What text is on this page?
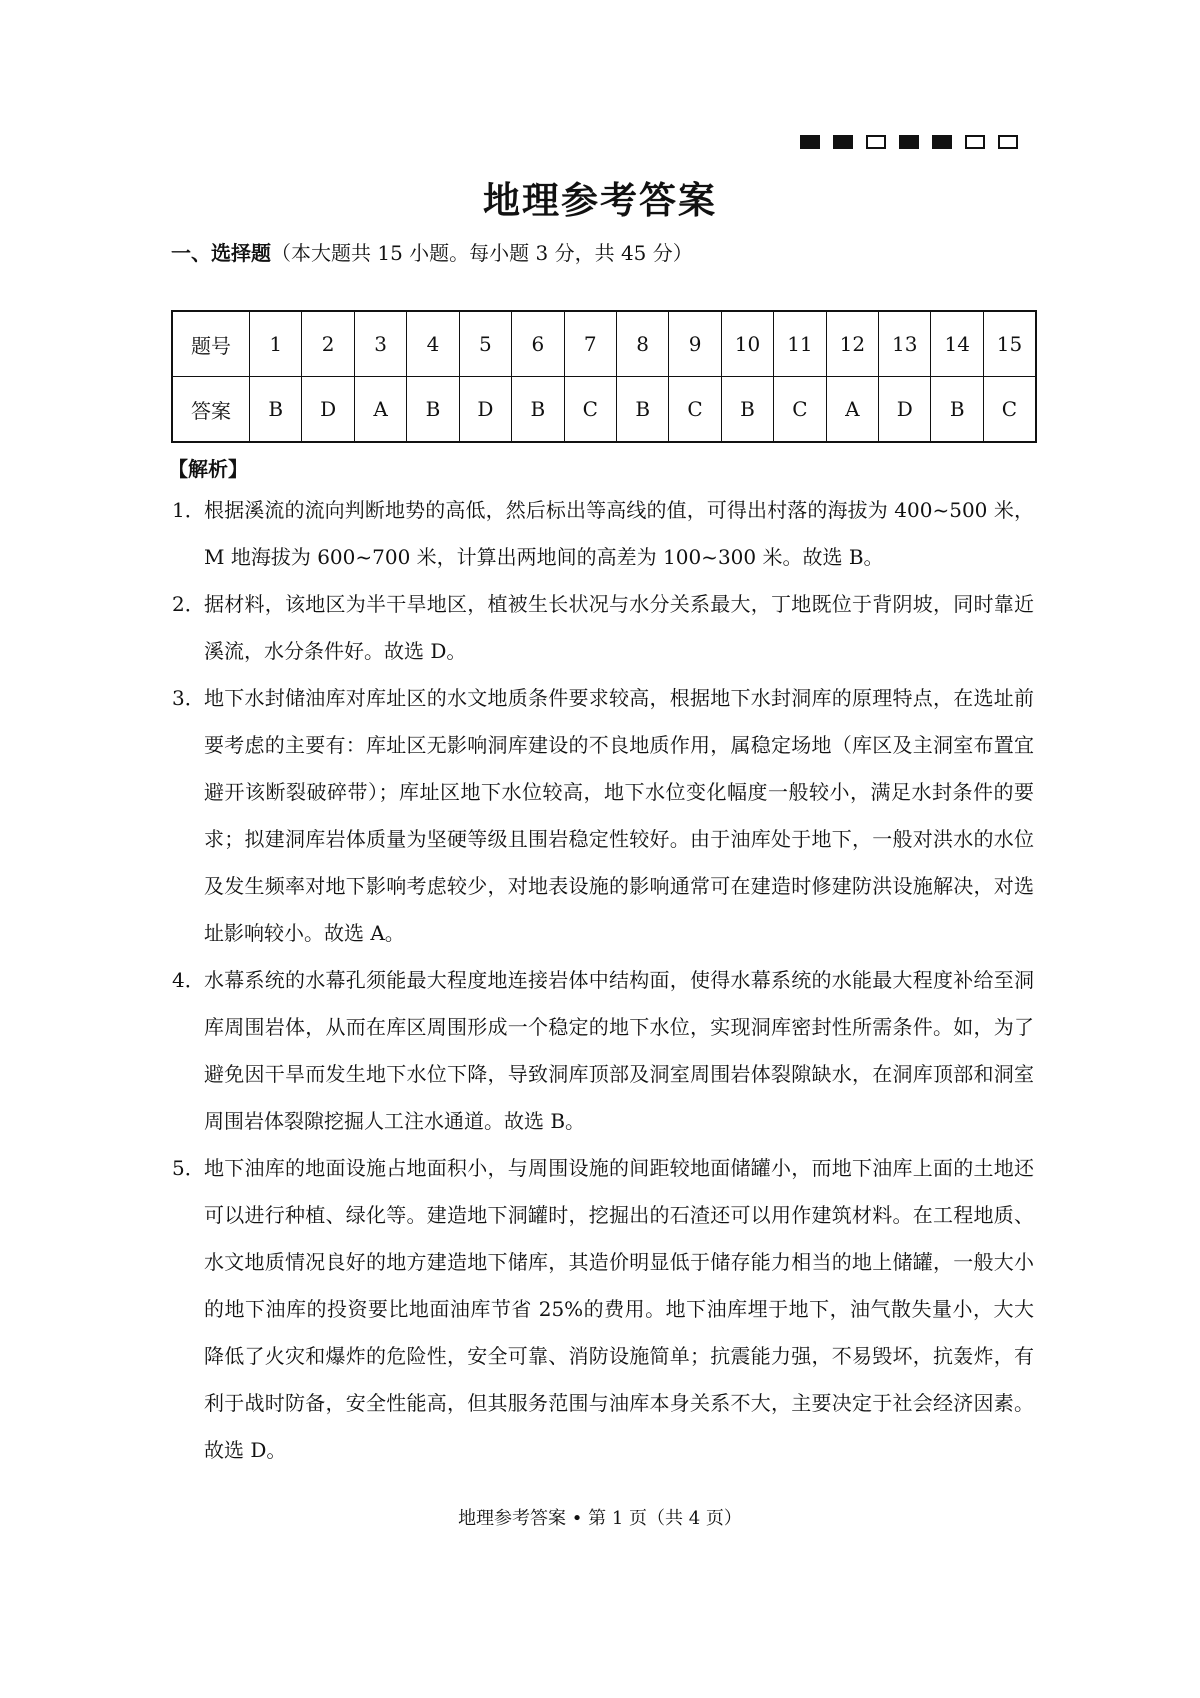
地理参考答案
一、选择题（本大题共 15 小题。每小题 3 分，共 45 分）
题号	1	2	3	4	5	6	7	8	9	10	11	12	13	14	15
答案	B	D	A	B	D	B	C	B	C	B	C	A	D	B	C
【解析】
1． 根据溪流的流向判断地势的高低，然后标出等高线的值，可得出村落的海拔为 400~500 米，M 地海拔为 600~700 米，计算出两地间的高差为 100~300 米。故选 B。
2． 据材料，该地区为半干旱地区，植被生长状况与水分关系最大，丁地既位于背阴坡，同时靠近溪流，水分条件好。故选 D。
3． 地下水封储油库对库址区的水文地质条件要求较高，根据地下水封洞库的原理特点，在选址前要考虑的主要有：库址区无影响洞库建设的不良地质作用，属稳定场地（库区及主洞室布置宜避开该断裂破碎带）；库址区地下水位较高，地下水位变化幅度一般较小，满足水封条件的要求；拟建洞库岩体质量为坚硬等级且围岩稳定性较好。由于油库处于地下，一般对洪水的水位及发生频率对地下影响考虑较少，对地表设施的影响通常可在建造时修建防洪设施解决，对选址影响较小。故选 A。
4． 水幕系统的水幕孔须能最大程度地连接岩体中结构面，使得水幕系统的水能最大程度补给至洞库周围岩体，从而在库区周围形成一个稳定的地下水位，实现洞库密封性所需条件。如，为了避免因干旱而发生地下水位下降，导致洞库顶部及洞室周围岩体裂隙缺水，在洞库顶部和洞室周围岩体裂隙挖掘人工注水通道。故选 B。
5． 地下油库的地面设施占地面积小，与周围设施的间距较地面储罐小，而地下油库上面的土地还可以进行种植、绿化等。建造地下洞罐时，挖掘出的石渣还可以用作建筑材料。在工程地质、水文地质情况良好的地方建造地下储库，其造价明显低于储存能力相当的地上储罐，一般大小的地下油库的投资要比地面油库节省 25%的费用。地下油库埋于地下，油气散失量小，大大降低了火灾和爆炸的危险性，安全可靠、消防设施简单；抗震能力强，不易毁坏，抗轰炸，有利于战时防备，安全性能高，但其服务范围与油库本身关系不大，主要决定于社会经济因素。故选 D。
地理参考答案 • 第 1 页（共 4 页）
